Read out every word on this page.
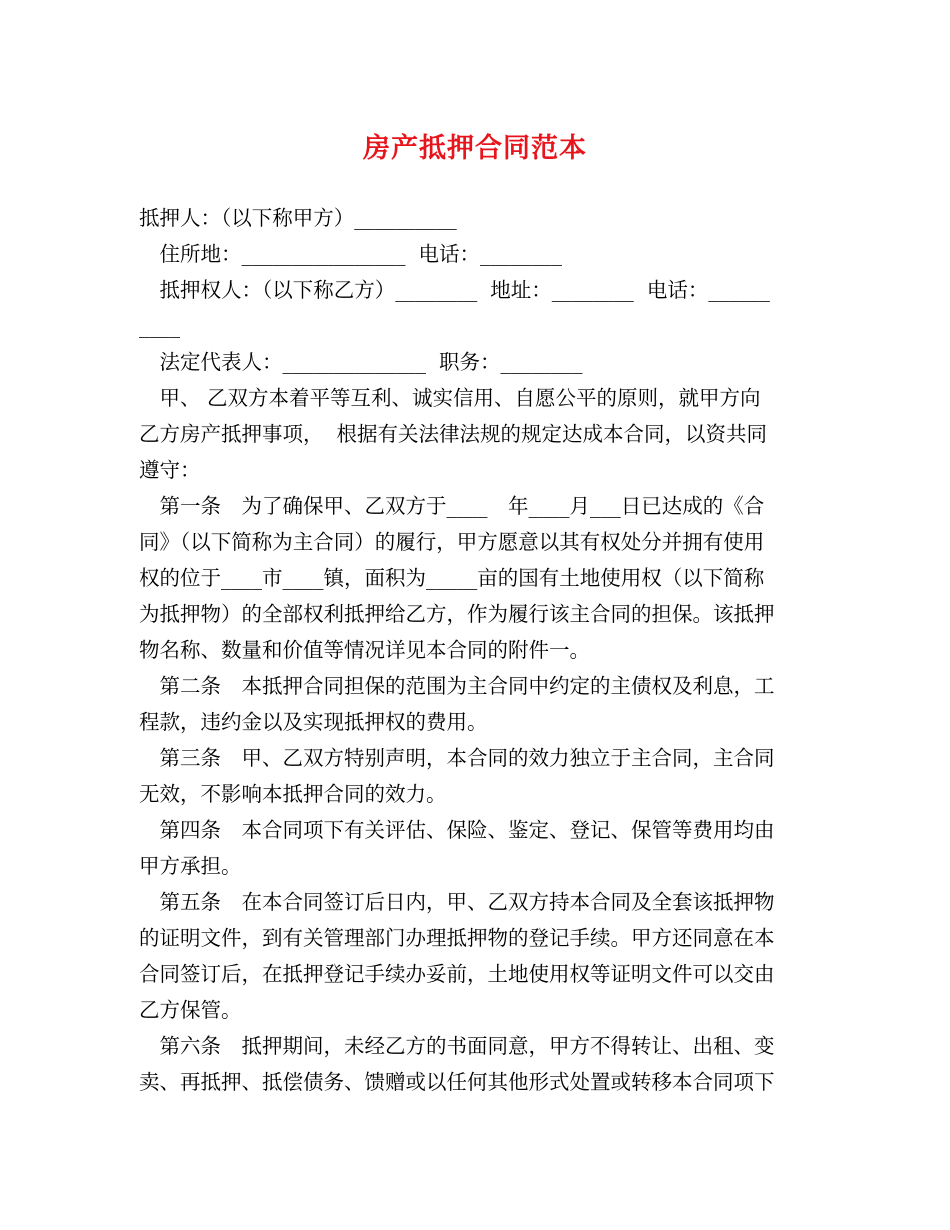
房产抵押合同范本
抵押人：（以下称甲方）__________
　住所地：________________  电话：________
　抵押权人：（以下称乙方）________  地址：________  电话：______
____
　法定代表人：______________  职务：________
　甲、 乙双方本着平等互利、诚实信用、自愿公平的原则，就甲方向
乙方房产抵押事项，  根据有关法律法规的规定达成本合同，以资共同
遵守：
　第一条　为了确保甲、乙双方于____　年____月___日已达成的《合
同》（以下简称为主合同）的履行，甲方愿意以其有权处分并拥有使用
权的位于____市____镇，面积为_____亩的国有土地使用权（以下简称
为抵押物）的全部权利抵押给乙方，作为履行该主合同的担保。该抵押
物名称、数量和价值等情况详见本合同的附件一。
　第二条　本抵押合同担保的范围为主合同中约定的主债权及利息，工
程款，违约金以及实现抵押权的费用。
　第三条　甲、乙双方特别声明，本合同的效力独立于主合同，主合同
无效，不影响本抵押合同的效力。
　第四条　本合同项下有关评估、保险、鉴定、登记、保管等费用均由
甲方承担。
　第五条　在本合同签订后日内，甲、乙双方持本合同及全套该抵押物
的证明文件，到有关管理部门办理抵押物的登记手续。甲方还同意在本
合同签订后，在抵押登记手续办妥前，土地使用权等证明文件可以交由
乙方保管。
　第六条　抵押期间，未经乙方的书面同意，甲方不得转让、出租、变
卖、再抵押、抵偿债务、馈赠或以任何其他形式处置或转移本合同项下
